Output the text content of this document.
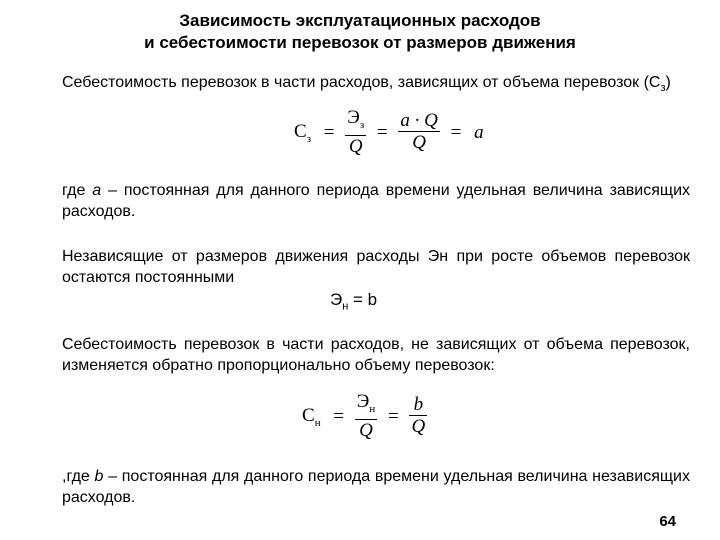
Зависимость эксплуатационных расходов
и себестоимости перевозок от размеров движения
Себестоимость перевозок в части расходов, зависящих от объема перевозок $(С_з)$
$С_з = \frac{Э_з}{Q} = \frac{a \cdot Q}{Q} = a$
где а – постоянная для данного периода времени удельная величина зависящих расходов.
Независящие от размеров движения расходы Эн при росте объемов перевозок остаются постоянными
$Э_н = b$
Себестоимость перевозок в части расходов, не зависящих от объема перевозок, изменяется обратно пропорционально объему перевозок:
$С_н = \frac{Э_н}{Q} = \frac{b}{Q}$
,где b – постоянная для данного периода времени удельная величина независящих расходов.
64
